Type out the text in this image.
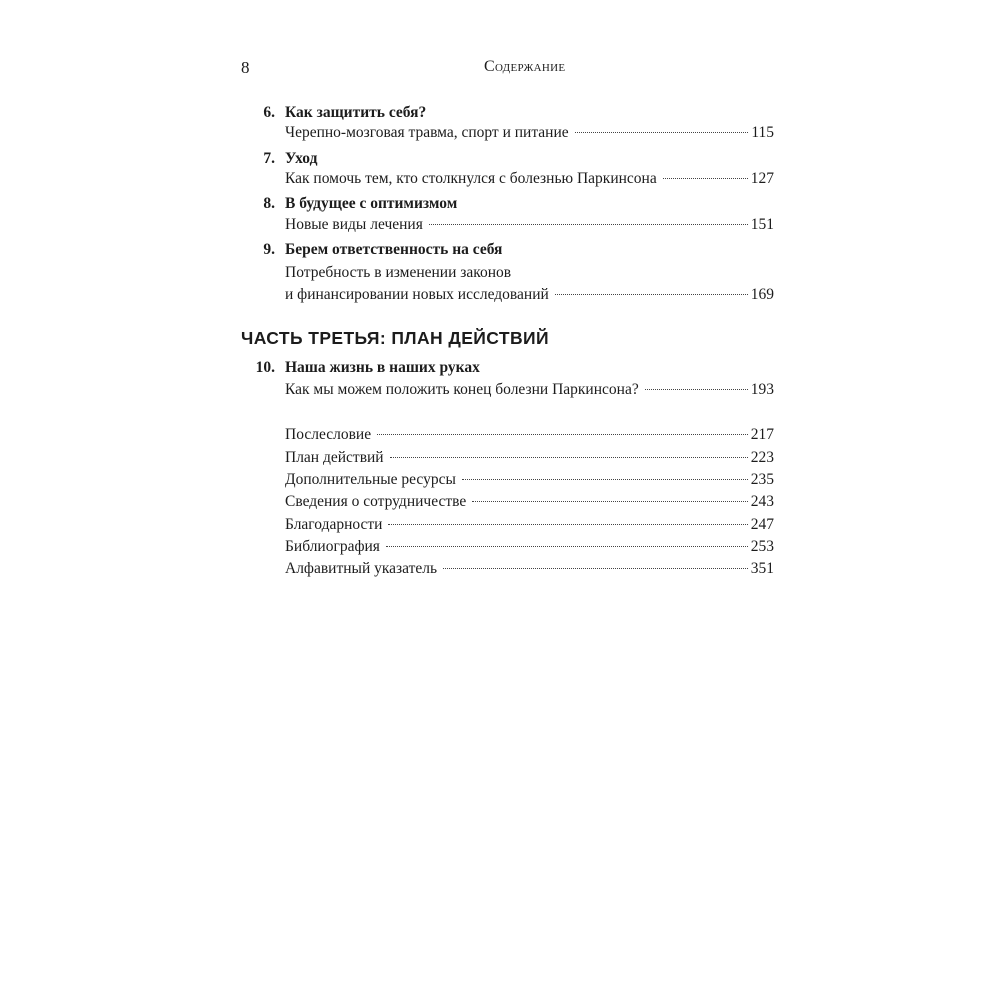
8	Содержание
6. Как защитить себя?
Черепно-мозговая травма, спорт и питание	115
7. Уход
Как помочь тем, кто столкнулся с болезнью Паркинсона	127
8. В будущее с оптимизмом
Новые виды лечения	151
9. Берем ответственность на себя
Потребность в изменении законов
и финансировании новых исследований	169
ЧАСТЬ ТРЕТЬЯ: ПЛАН ДЕЙСТВИЙ
10. Наша жизнь в наших руках
Как мы можем положить конец болезни Паркинсона?	193
Послесловие	217
План действий	223
Дополнительные ресурсы	235
Сведения о сотрудничестве	243
Благодарности	247
Библиография	253
Алфавитный указатель	351
